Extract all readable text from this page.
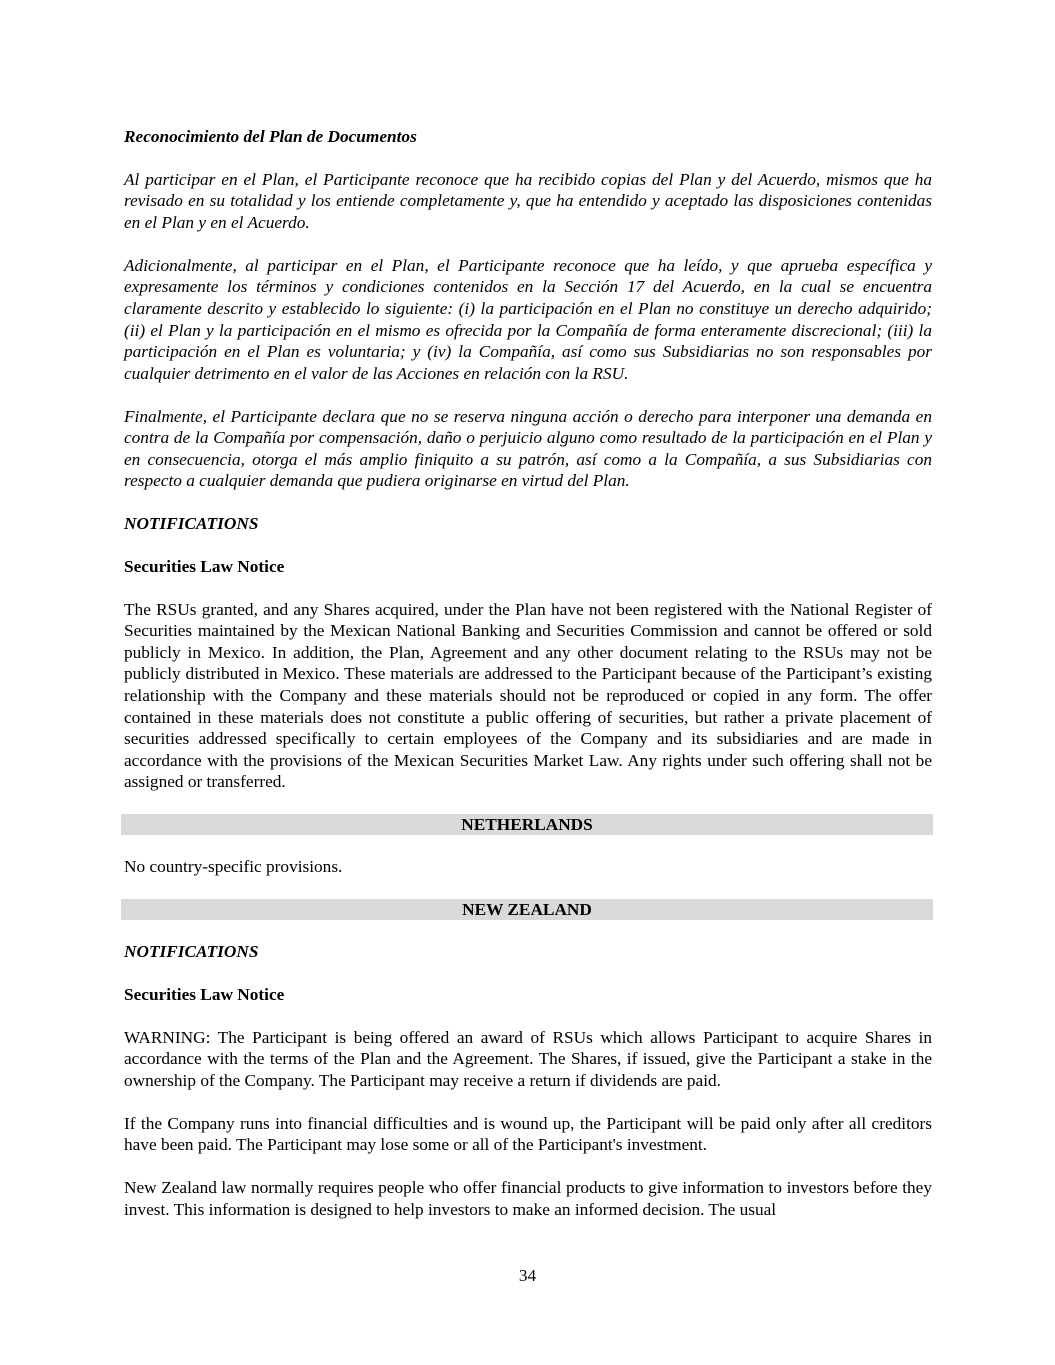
Reconocimiento del Plan de Documentos

Al participar en el Plan, el Participante reconoce que ha recibido copias del Plan y del Acuerdo, mismos que ha revisado en su totalidad y los entiende completamente y, que ha entendido y aceptado las disposiciones contenidas en el Plan y en el Acuerdo.

Adicionalmente, al participar en el Plan, el Participante reconoce que ha leído, y que aprueba específica y expresamente los términos y condiciones contenidos en la Sección 17 del Acuerdo, en la cual se encuentra claramente descrito y establecido lo siguiente: (i) la participación en el Plan no constituye un derecho adquirido; (ii) el Plan y la participación en el mismo es ofrecida por la Compañía de forma enteramente discrecional; (iii) la participación en el Plan es voluntaria; y (iv) la Compañía, así como sus Subsidiarias no son responsables por cualquier detrimento en el valor de las Acciones en relación con la RSU.

Finalmente, el Participante declara que no se reserva ninguna acción o derecho para interponer una demanda en contra de la Compañía por compensación, daño o perjuicio alguno como resultado de la participación en el Plan y en consecuencia, otorga el más amplio finiquito a su patrón, así como a la Compañía, a sus Subsidiarias con respecto a cualquier demanda que pudiera originarse en virtud del Plan.

NOTIFICATIONS

Securities Law Notice

The RSUs granted, and any Shares acquired, under the Plan have not been registered with the National Register of Securities maintained by the Mexican National Banking and Securities Commission and cannot be offered or sold publicly in Mexico. In addition, the Plan, Agreement and any other document relating to the RSUs may not be publicly distributed in Mexico. These materials are addressed to the Participant because of the Participant’s existing relationship with the Company and these materials should not be reproduced or copied in any form. The offer contained in these materials does not constitute a public offering of securities, but rather a private placement of securities addressed specifically to certain employees of the Company and its subsidiaries and are made in accordance with the provisions of the Mexican Securities Market Law. Any rights under such offering shall not be assigned or transferred.

NETHERLANDS

No country-specific provisions.

NEW ZEALAND

NOTIFICATIONS

Securities Law Notice

WARNING: The Participant is being offered an award of RSUs which allows Participant to acquire Shares in accordance with the terms of the Plan and the Agreement. The Shares, if issued, give the Participant a stake in the ownership of the Company. The Participant may receive a return if dividends are paid.

If the Company runs into financial difficulties and is wound up, the Participant will be paid only after all creditors have been paid. The Participant may lose some or all of the Participant's investment.

New Zealand law normally requires people who offer financial products to give information to investors before they invest. This information is designed to help investors to make an informed decision. The usual

34
